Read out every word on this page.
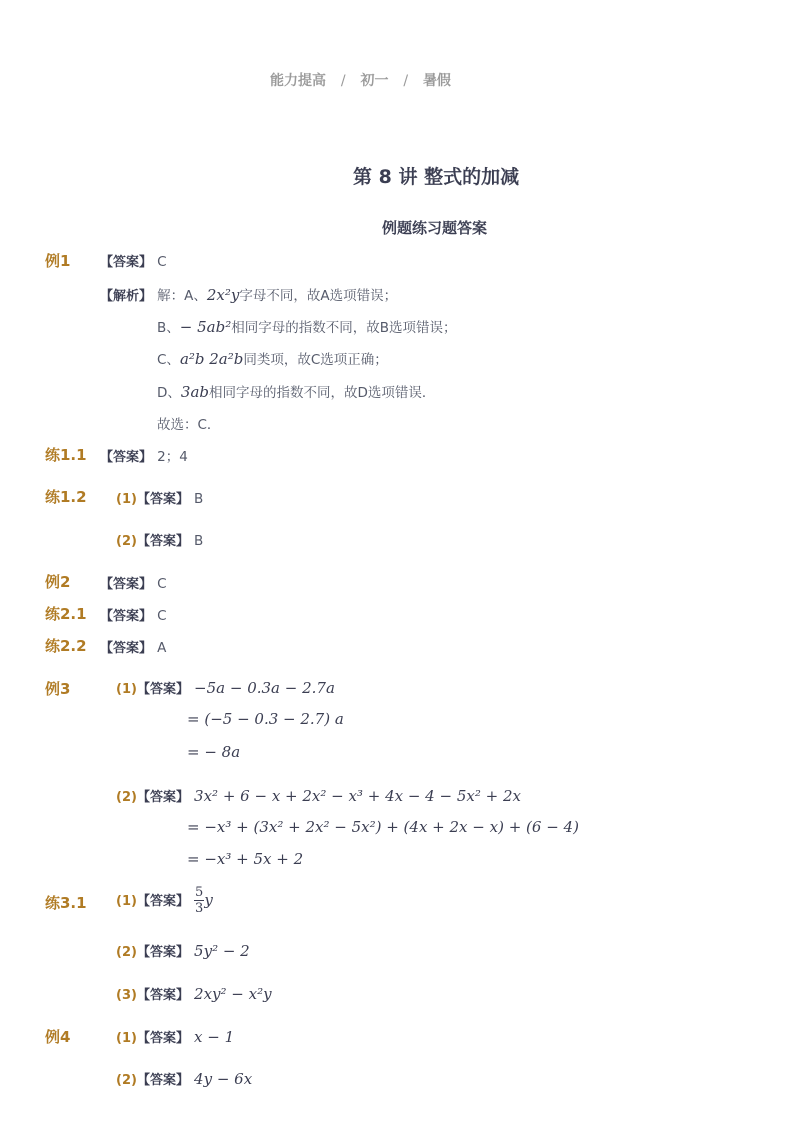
能力提高 / 初一 / 暑假
第 8 讲 整式的加减
例题练习题答案
例1 【答案】 C
【解析】 解：A、2x²y字母不同，故A选项错误；
B、− 5ab²相同字母的指数不同，故B选项错误；
C、a²b 2a²b同类项，故C选项正确；
D、3ab相同字母的指数不同，故D选项错误．
故选：C．
练1.1 【答案】 2；4
练1.2 (1)【答案】 B
(2)【答案】 B
例2 【答案】 C
练2.1 【答案】 C
练2.2 【答案】 A
例3	(1)【答案】 −5a − 0.3a − 2.7a
= (−5 − 0.3 − 2.7) a
= − 8a
(2)【答案】 3x² + 6 − x + 2x² − x³ + 4x − 4 − 5x² + 2x
= −x³ + (3x² + 2x² − 5x²) + (4x + 2x − x) + (6 − 4)
= −x³ + 5x + 2
练3.1 (1)【答案】 $\frac{5}{3}$ y
(2)【答案】 5y² − 2
(3)【答案】 2xy² − x²y
例4	(1)【答案】 x − 1
(2)【答案】 4y − 6x
